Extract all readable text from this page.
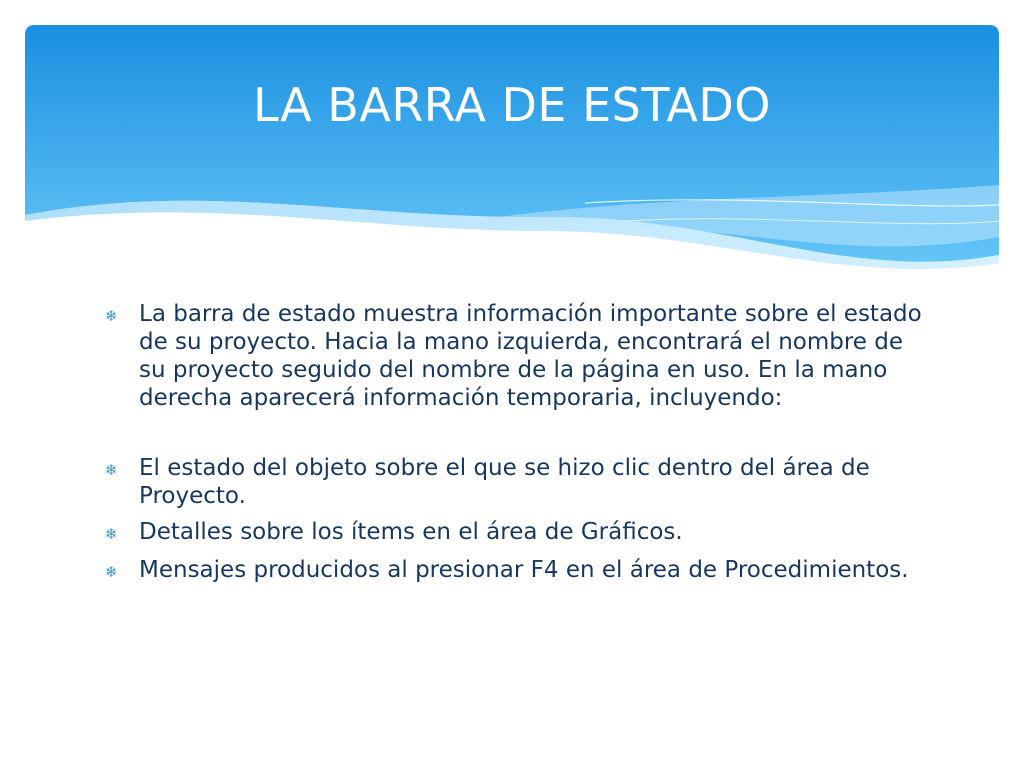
LA BARRA DE ESTADO
❄ La barra de estado muestra información importante sobre el estado de su proyecto. Hacia la mano izquierda, encontrará el nombre de su proyecto seguido del nombre de la página en uso. En la mano derecha aparecerá información temporaria, incluyendo:
❄ El estado del objeto sobre el que se hizo clic dentro del área de Proyecto.
❄ Detalles sobre los ítems en el área de Gráficos.
❄ Mensajes producidos al presionar F4 en el área de Procedimientos.
